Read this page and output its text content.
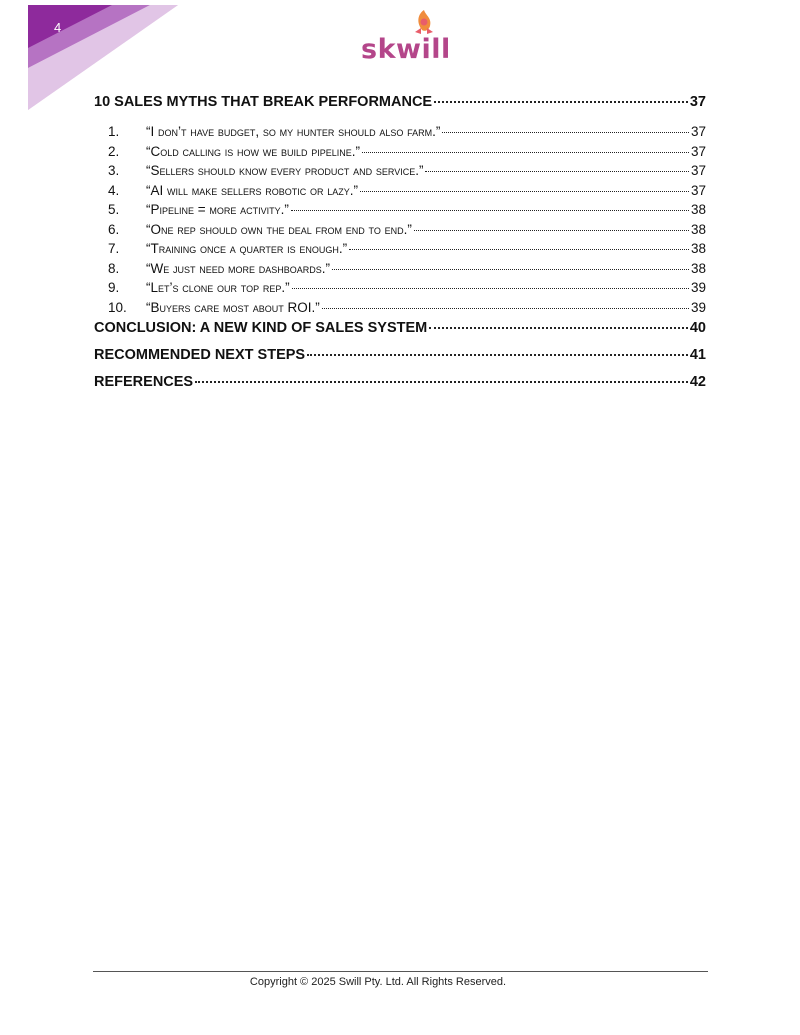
4
skwill
10 SALES MYTHS THAT BREAK PERFORMANCE	37
1.	“I don’t have budget, so my hunter should also farm.”	37
2.	“Cold calling is how we build pipeline.”	37
3.	“Sellers should know every product and service.”	37
4.	“AI will make sellers robotic or lazy.”	37
5.	“Pipeline = more activity.”	38
6.	“One rep should own the deal from end to end.”	38
7.	“Training once a quarter is enough.”	38
8.	“We just need more dashboards.”	38
9.	“Let’s clone our top rep.”	39
10.	“Buyers care most about ROI.”	39
CONCLUSION: A NEW KIND OF SALES SYSTEM	40
RECOMMENDED NEXT STEPS	41
REFERENCES	42
Copyright © 2025 Swill Pty. Ltd. All Rights Reserved.
